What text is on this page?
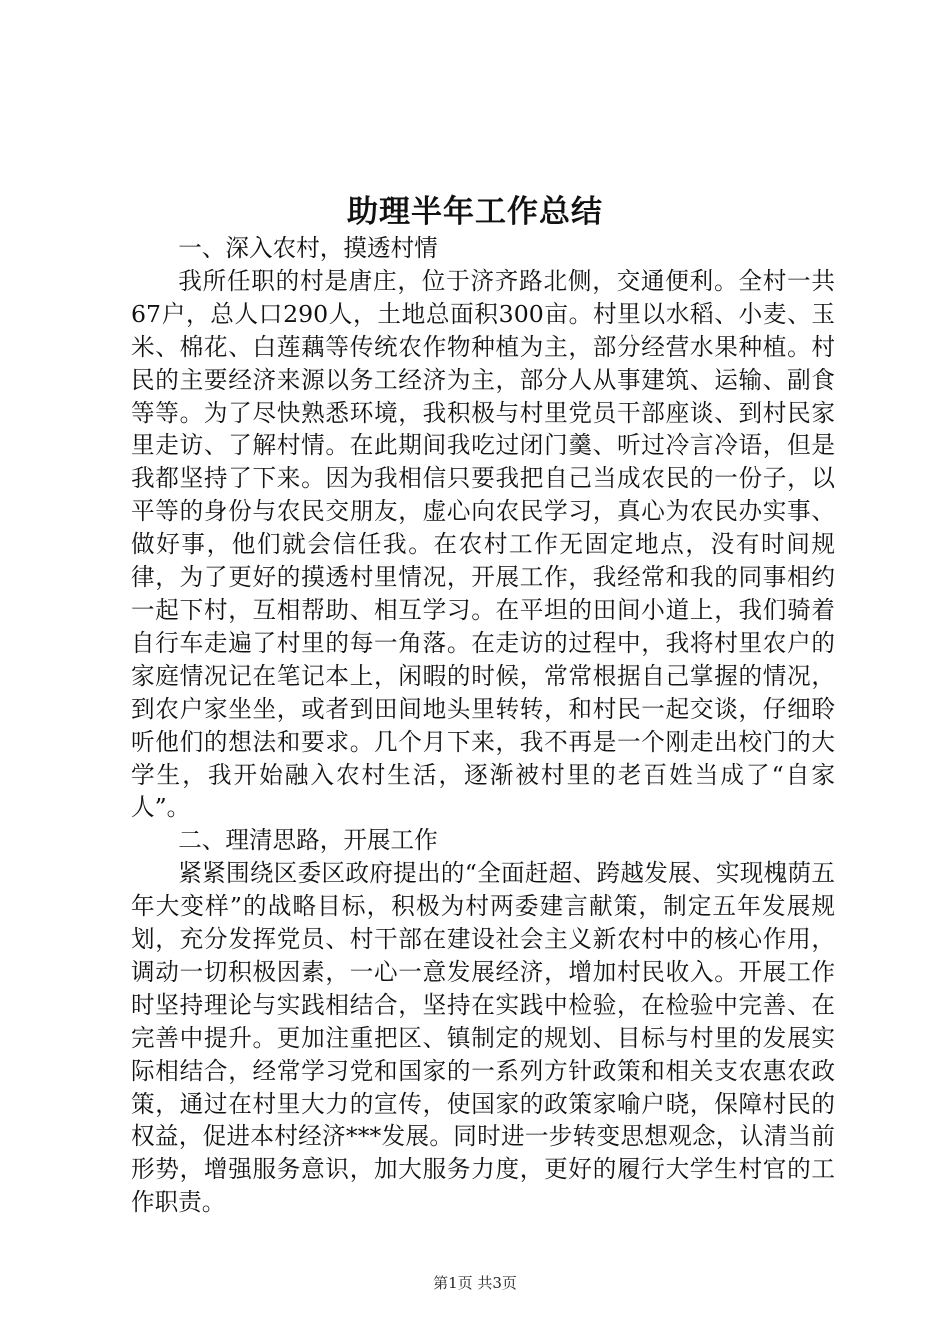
助理半年工作总结

一、深入农村，摸透村情

我所任职的村是唐庄，位于济齐路北侧，交通便利。全村一共67户，总人口290人，土地总面积300亩。村里以水稻、小麦、玉米、棉花、白莲藕等传统农作物种植为主，部分经营水果种植。村民的主要经济来源以务工经济为主，部分人从事建筑、运输、副食等等。为了尽快熟悉环境，我积极与村里党员干部座谈、到村民家里走访、了解村情。在此期间我吃过闭门羹、听过冷言冷语，但是我都坚持了下来。因为我相信只要我把自己当成农民的一份子，以平等的身份与农民交朋友，虚心向农民学习，真心为农民办实事、做好事，他们就会信任我。在农村工作无固定地点，没有时间规律，为了更好的摸透村里情况，开展工作，我经常和我的同事相约一起下村，互相帮助、相互学习。在平坦的田间小道上，我们骑着自行车走遍了村里的每一角落。在走访的过程中，我将村里农户的家庭情况记在笔记本上，闲暇的时候，常常根据自己掌握的情况，到农户家坐坐，或者到田间地头里转转，和村民一起交谈，仔细聆听他们的想法和要求。几个月下来，我不再是一个刚走出校门的大学生，我开始融入农村生活，逐渐被村里的老百姓当成了“自家人”。

二、理清思路，开展工作

紧紧围绕区委区政府提出的“全面赶超、跨越发展、实现槐荫五年大变样”的战略目标，积极为村两委建言献策，制定五年发展规划，充分发挥党员、村干部在建设社会主义新农村中的核心作用，调动一切积极因素，一心一意发展经济，增加村民收入。开展工作时坚持理论与实践相结合，坚持在实践中检验，在检验中完善、在完善中提升。更加注重把区、镇制定的规划、目标与村里的发展实际相结合，经常学习党和国家的一系列方针政策和相关支农惠农政策，通过在村里大力的宣传，使国家的政策家喻户晓，保障村民的权益，促进本村经济***发展。同时进一步转变思想观念，认清当前形势，增强服务意识，加大服务力度，更好的履行大学生村官的工作职责。

第1页 共3页
